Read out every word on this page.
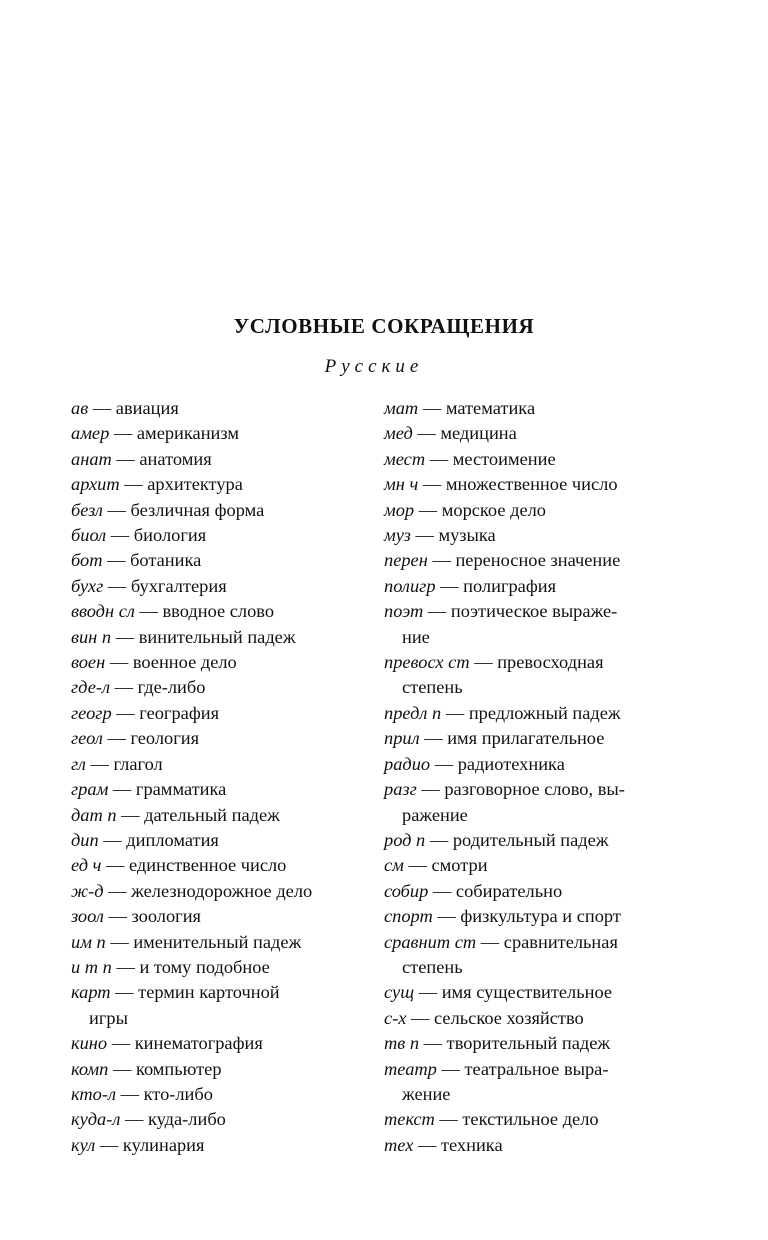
УСЛОВНЫЕ СОКРАЩЕНИЯ
Русские
ав — авиация
амер — американизм
анат — анатомия
архит — архитектура
безл — безличная форма
биол — биология
бот — ботаника
бухг — бухгалтерия
вводн сл — вводное слово
вин п — винительный падеж
воен — военное дело
где-л — где-либо
геогр — география
геол — геология
гл — глагол
грам — грамматика
дат п — дательный падеж
дип — дипломатия
ед ч — единственное число
ж-д — железнодорожное дело
зоол — зоология
им п — именительный падеж
и т п — и тому подобное
карт — термин карточной
игры
кино — кинематография
комп — компьютер
кто-л — кто-либо
куда-л — куда-либо
кул — кулинария
мат — математика
мед — медицина
мест — местоимение
мн ч — множественное число
мор — морское дело
муз — музыка
перен — переносное значение
полигр — полиграфия
поэт — поэтическое выраже-
ние
превосх ст — превосходная
степень
предл п — предложный падеж
прил — имя прилагательное
радио — радиотехника
разг — разговорное слово, вы-
ражение
род п — родительный падеж
см — смотри
собир — собирательно
спорт — физкультура и спорт
сравнит ст — сравнительная
степень
сущ — имя существительное
с-х — сельское хозяйство
тв п — творительный падеж
театр — театральное выра-
жение
текст — текстильное дело
тех — техника
